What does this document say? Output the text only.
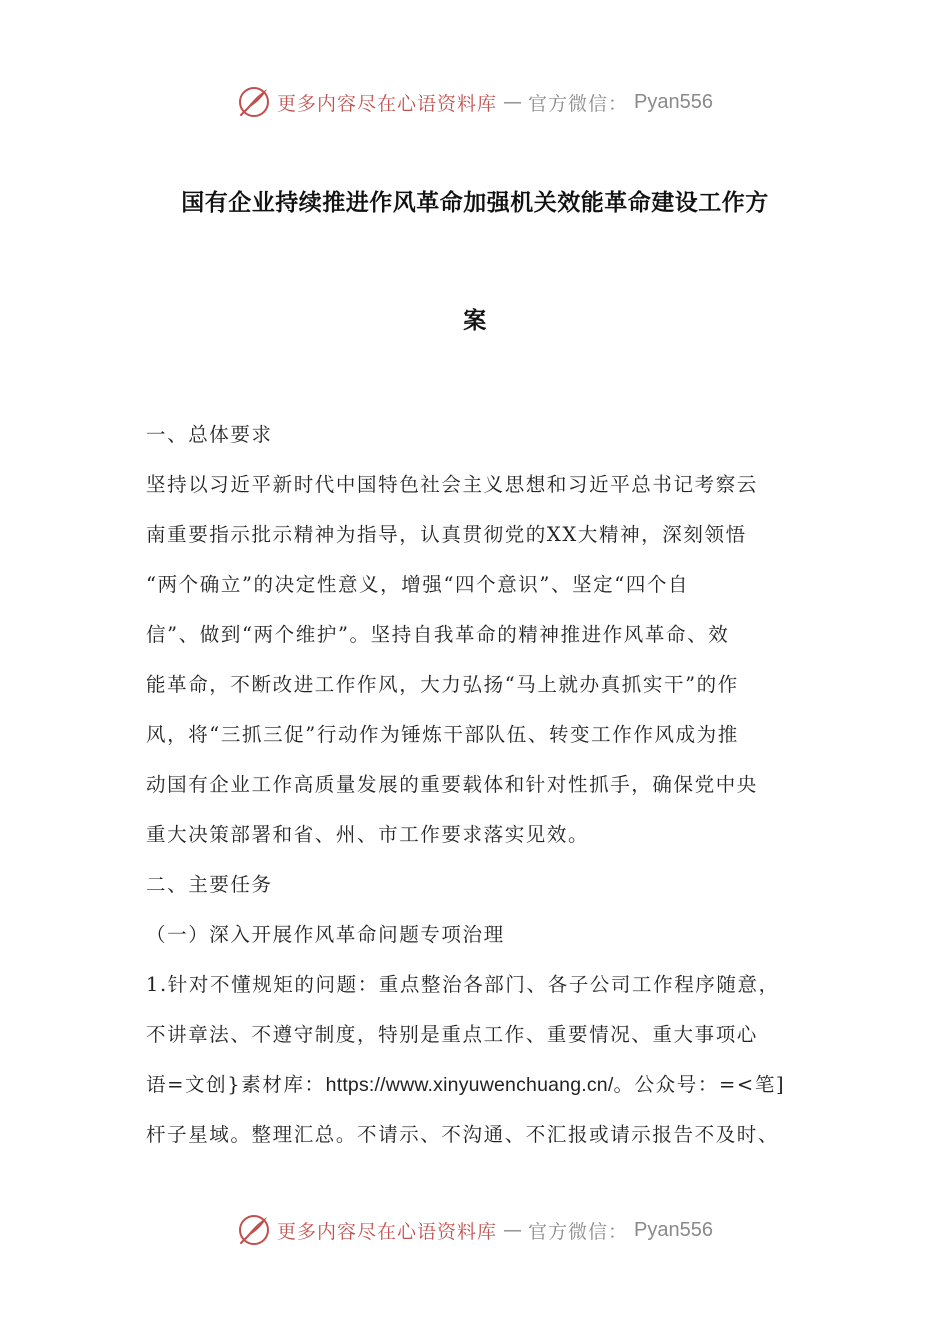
更多内容尽在心语资料库 — 官方微信： Pyan556
国有企业持续推进作风革命加强机关效能革命建设工作方
案
一、总体要求
坚持以习近平新时代中国特色社会主义思想和习近平总书记考察云
南重要指示批示精神为指导，认真贯彻党的XX大精神，深刻领悟
“两个确立”的决定性意义，增强“四个意识”、坚定“四个自
信”、做到“两个维护”。坚持自我革命的精神推进作风革命、效
能革命，不断改进工作作风，大力弘扬“马上就办真抓实干”的作
风，将“三抓三促”行动作为锤炼干部队伍、转变工作作风成为推
动国有企业工作高质量发展的重要载体和针对性抓手，确保党中央
重大决策部署和省、州、市工作要求落实见效。
二、主要任务
（一）深入开展作风革命问题专项治理
1.针对不懂规矩的问题：重点整治各部门、各子公司工作程序随意，
不讲章法、不遵守制度，特别是重点工作、重要情况、重大事项心
语=文创}素材库：https://www.xinyuwenchuang.cn/。公众号：=<笔]
杆子星域。整理汇总。不请示、不沟通、不汇报或请示报告不及时、
更多内容尽在心语资料库 — 官方微信： Pyan556
